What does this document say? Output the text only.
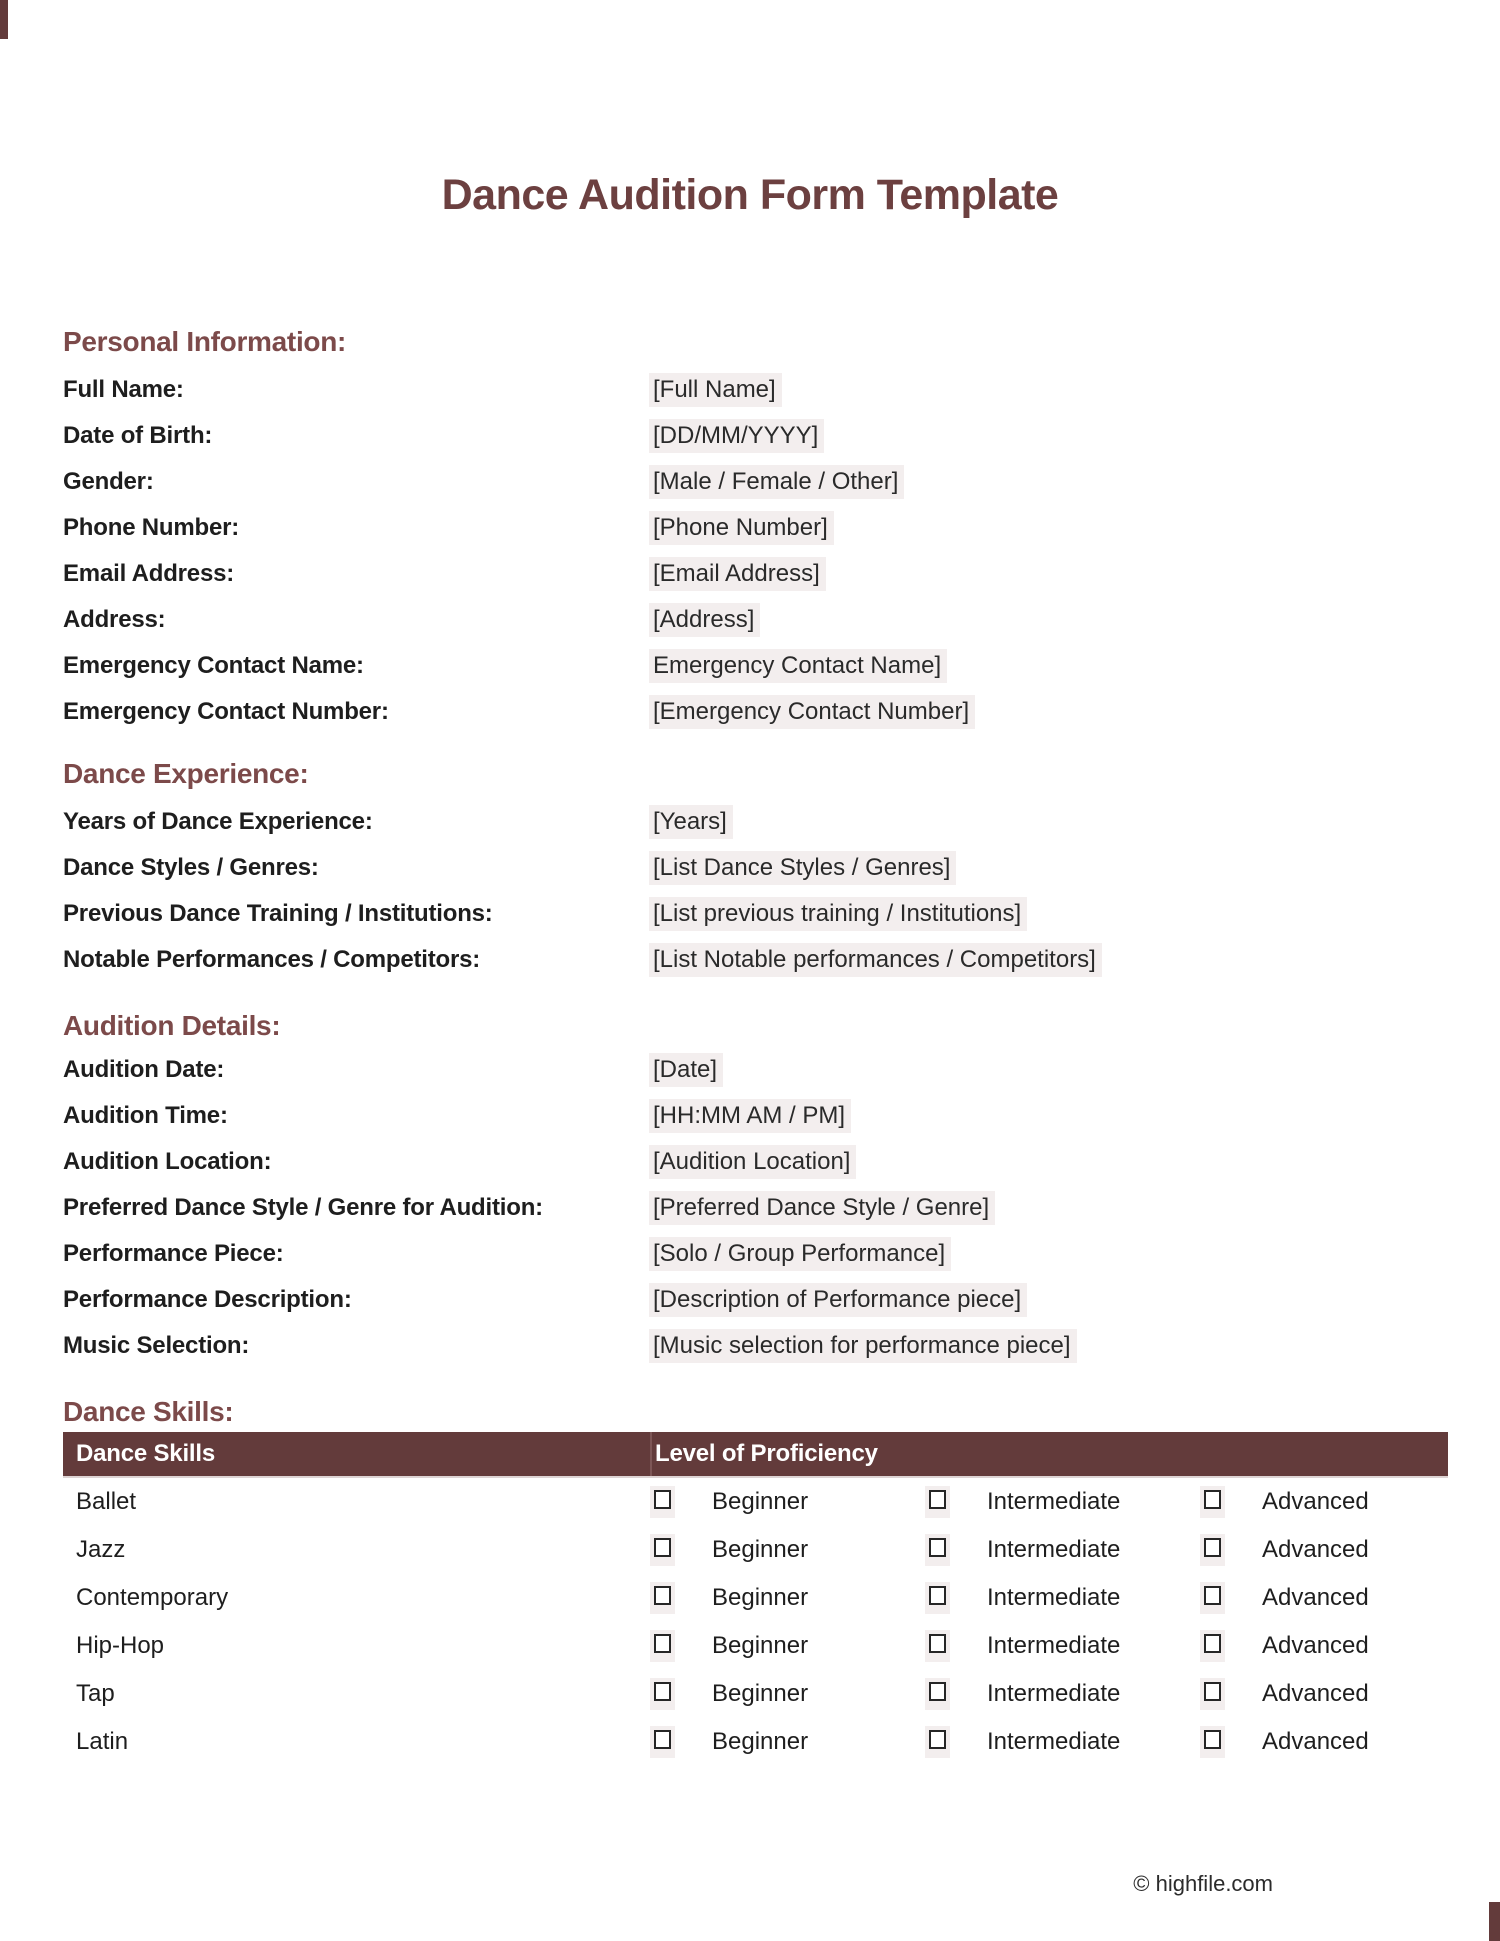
Dance Audition Form Template
Personal Information:
Full Name:	[Full Name]
Date of Birth:	[DD/MM/YYYY]
Gender:	[Male / Female / Other]
Phone Number:	[Phone Number]
Email Address:	[Email Address]
Address:	[Address]
Emergency Contact Name:	Emergency Contact Name]
Emergency Contact Number:	[Emergency Contact Number]
Dance Experience:
Years of Dance Experience:	[Years]
Dance Styles / Genres:	[List Dance Styles / Genres]
Previous Dance Training / Institutions:	[List previous training / Institutions]
Notable Performances / Competitors:	[List Notable performances / Competitors]
Audition Details:
Audition Date:	[Date]
Audition Time:	[HH:MM AM / PM]
Audition Location:	[Audition Location]
Preferred Dance Style / Genre for Audition:	[Preferred Dance Style / Genre]
Performance Piece:	[Solo / Group Performance]
Performance Description:	[Description of Performance piece]
Music Selection:	[Music selection for performance piece]
Dance Skills:
Dance Skills	Level of Proficiency
Ballet	Beginner	Intermediate	Advanced
Jazz	Beginner	Intermediate	Advanced
Contemporary	Beginner	Intermediate	Advanced
Hip-Hop	Beginner	Intermediate	Advanced
Tap	Beginner	Intermediate	Advanced
Latin	Beginner	Intermediate	Advanced
© highfile.com
